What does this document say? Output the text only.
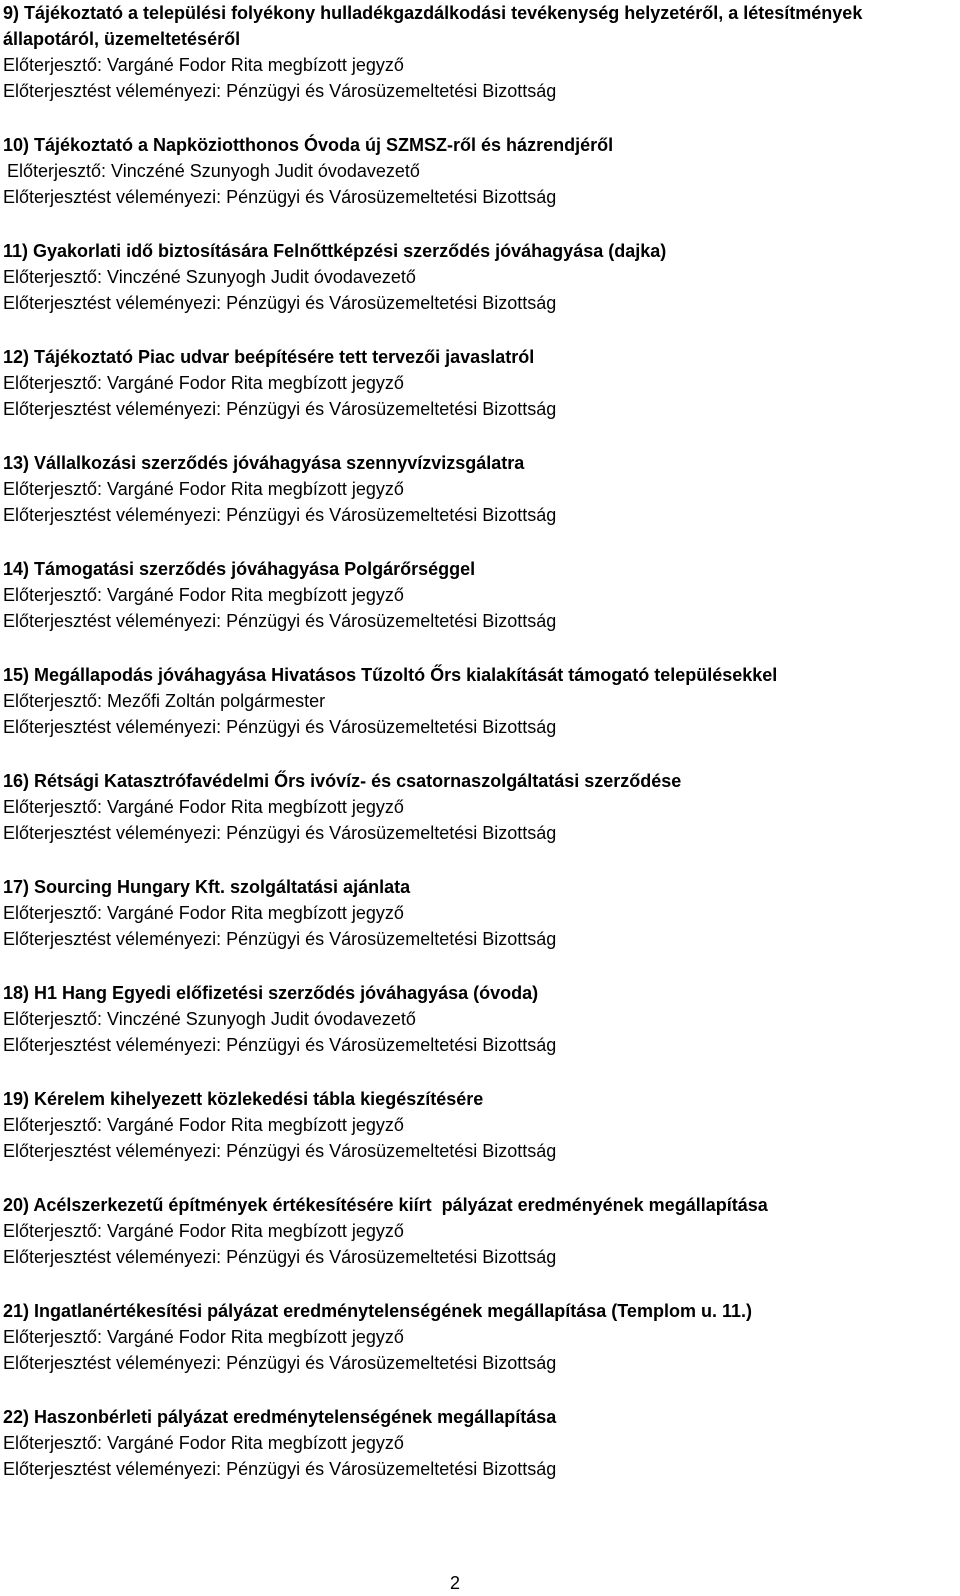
9) Tájékoztató a települési folyékony hulladékgazdálkodási tevékenység helyzetéről, a létesítmények állapotáról, üzemeltetéséről

Előterjesztő: Vargáné Fodor Rita megbízott jegyző

Előterjesztést véleményezi: Pénzügyi és Városüzemeltetési Bizottság

10) Tájékoztató a Napköziotthonos Óvoda új SZMSZ-ről és házrendjéről

Előterjesztő: Vinczéné Szunyogh Judit óvodavezető

Előterjesztést véleményezi: Pénzügyi és Városüzemeltetési Bizottság

11) Gyakorlati idő biztosítására Felnőttképzési szerződés jóváhagyása (dajka)

Előterjesztő: Vinczéné Szunyogh Judit óvodavezető

Előterjesztést véleményezi: Pénzügyi és Városüzemeltetési Bizottság

12) Tájékoztató Piac udvar beépítésére tett tervezői javaslatról

Előterjesztő: Vargáné Fodor Rita megbízott jegyző

Előterjesztést véleményezi: Pénzügyi és Városüzemeltetési Bizottság

13) Vállalkozási szerződés jóváhagyása szennyvízvizsgálatra

Előterjesztő: Vargáné Fodor Rita megbízott jegyző

Előterjesztést véleményezi: Pénzügyi és Városüzemeltetési Bizottság

14) Támogatási szerződés jóváhagyása Polgárőrséggel

Előterjesztő: Vargáné Fodor Rita megbízott jegyző

Előterjesztést véleményezi: Pénzügyi és Városüzemeltetési Bizottság

15) Megállapodás jóváhagyása Hivatásos Tűzoltó Őrs kialakítását támogató településekkel

Előterjesztő: Mezőfi Zoltán polgármester

Előterjesztést véleményezi: Pénzügyi és Városüzemeltetési Bizottság

16) Rétsági Katasztrófavédelmi Őrs ivóvíz- és csatornaszolgáltatási szerződése

Előterjesztő: Vargáné Fodor Rita megbízott jegyző

Előterjesztést véleményezi: Pénzügyi és Városüzemeltetési Bizottság

17) Sourcing Hungary Kft. szolgáltatási ajánlata

Előterjesztő: Vargáné Fodor Rita megbízott jegyző

Előterjesztést véleményezi: Pénzügyi és Városüzemeltetési Bizottság

18) H1 Hang Egyedi előfizetési szerződés jóváhagyása (óvoda)

Előterjesztő: Vinczéné Szunyogh Judit óvodavezető

Előterjesztést véleményezi: Pénzügyi és Városüzemeltetési Bizottság

19) Kérelem kihelyezett közlekedési tábla kiegészítésére

Előterjesztő: Vargáné Fodor Rita megbízott jegyző

Előterjesztést véleményezi: Pénzügyi és Városüzemeltetési Bizottság

20) Acélszerkezetű építmények értékesítésére kiírt  pályázat eredményének megállapítása

Előterjesztő: Vargáné Fodor Rita megbízott jegyző

Előterjesztést véleményezi: Pénzügyi és Városüzemeltetési Bizottság

21) Ingatlanértékesítési pályázat eredménytelenségének megállapítása (Templom u. 11.)

Előterjesztő: Vargáné Fodor Rita megbízott jegyző

Előterjesztést véleményezi: Pénzügyi és Városüzemeltetési Bizottság

22) Haszonbérleti pályázat eredménytelenségének megállapítása

Előterjesztő: Vargáné Fodor Rita megbízott jegyző

Előterjesztést véleményezi: Pénzügyi és Városüzemeltetési Bizottság

2
